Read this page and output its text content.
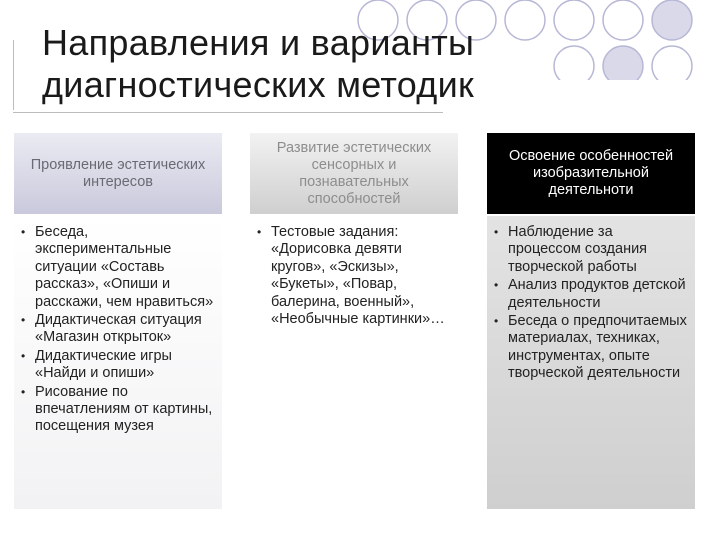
Направления и варианты диагностических методик
Проявление эстетических интересов
• Беседа, экспериментальные ситуации «Составь рассказ», «Опиши и расскажи, чем нравиться»
• Дидактическая ситуация «Магазин открыток»
• Дидактические игры «Найди и опиши»
• Рисование по впечатлениям от картины, посещения музея
Развитие эстетических сенсорных и познавательных способностей
• Тестовые задания: «Дорисовка девяти кругов», «Эскизы», «Букеты», «Повар, балерина, военный», «Необычные картинки»…
Освоение особенностей изобразительной деятельноти
• Наблюдение за процессом создания творческой работы
• Анализ продуктов детской деятельности
• Беседа о предпочитаемых материалах, техниках, инструментах, опыте творческой деятельности
